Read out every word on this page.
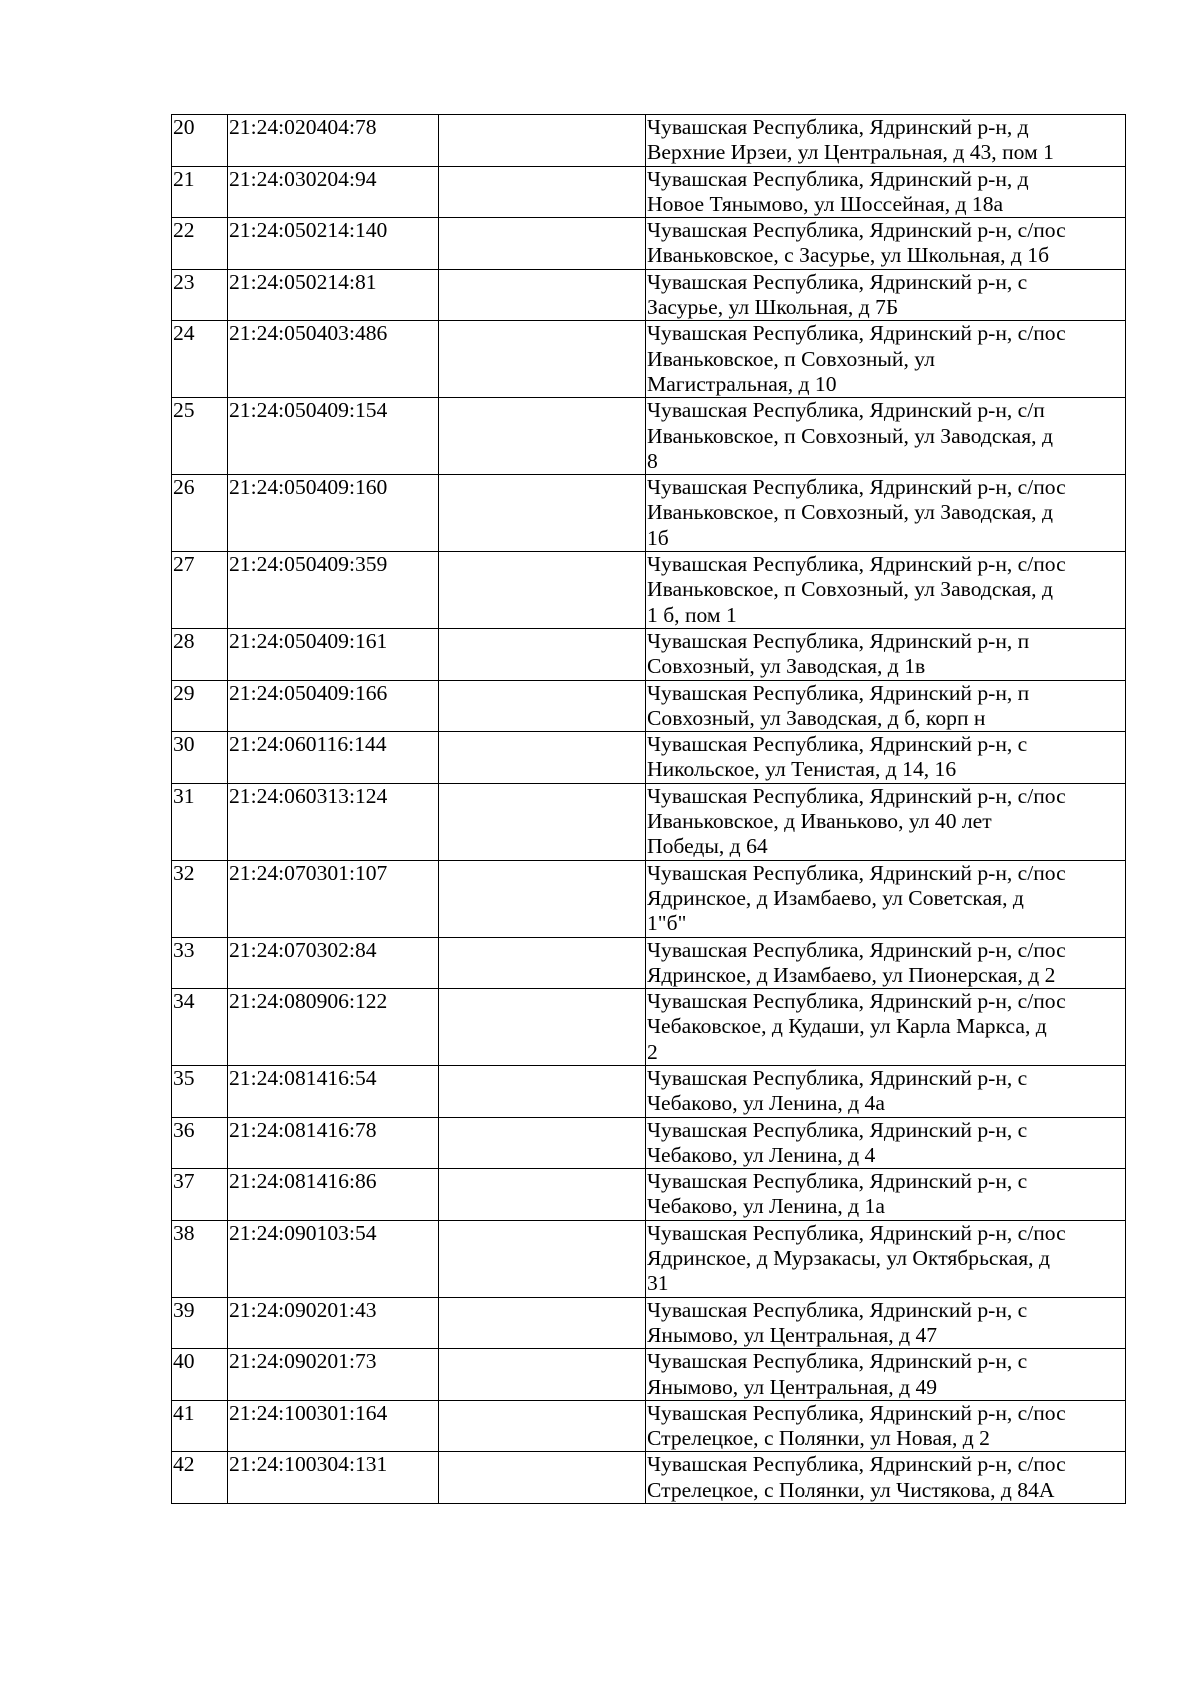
20	21:24:020404:78		Чувашская Республика, Ядринский р-н, д
Верхние Ирзеи, ул Центральная, д 43, пом 1
21	21:24:030204:94		Чувашская Республика, Ядринский р-н, д
Новое Тянымово, ул Шоссейная, д 18а
22	21:24:050214:140		Чувашская Республика, Ядринский р-н, с/пос
Иваньковское, с Засурье, ул Школьная, д 1б
23	21:24:050214:81		Чувашская Республика, Ядринский р-н, с
Засурье, ул Школьная, д 7Б
24	21:24:050403:486		Чувашская Республика, Ядринский р-н, с/пос
Иваньковское, п Совхозный, ул
Магистральная, д 10
25	21:24:050409:154		Чувашская Республика, Ядринский р-н, с/п
Иваньковское, п Совхозный, ул Заводская, д
8
26	21:24:050409:160		Чувашская Республика, Ядринский р-н, с/пос
Иваньковское, п Совхозный, ул Заводская, д
1б
27	21:24:050409:359		Чувашская Республика, Ядринский р-н, с/пос
Иваньковское, п Совхозный, ул Заводская, д
1 б, пом 1
28	21:24:050409:161		Чувашская Республика, Ядринский р-н, п
Совхозный, ул Заводская, д 1в
29	21:24:050409:166		Чувашская Республика, Ядринский р-н, п
Совхозный, ул Заводская, д б, корп н
30	21:24:060116:144		Чувашская Республика, Ядринский р-н, с
Никольское, ул Тенистая, д 14, 16
31	21:24:060313:124		Чувашская Республика, Ядринский р-н, с/пос
Иваньковское, д Иваньково, ул 40 лет
Победы, д 64
32	21:24:070301:107		Чувашская Республика, Ядринский р-н, с/пос
Ядринское, д Изамбаево, ул Советская, д
1"б"
33	21:24:070302:84		Чувашская Республика, Ядринский р-н, с/пос
Ядринское, д Изамбаево, ул Пионерская, д 2
34	21:24:080906:122		Чувашская Республика, Ядринский р-н, с/пос
Чебаковское, д Кудаши, ул Карла Маркса, д
2
35	21:24:081416:54		Чувашская Республика, Ядринский р-н, с
Чебаково, ул Ленина, д 4а
36	21:24:081416:78		Чувашская Республика, Ядринский р-н, с
Чебаково, ул Ленина, д 4
37	21:24:081416:86		Чувашская Республика, Ядринский р-н, с
Чебаково, ул Ленина, д 1а
38	21:24:090103:54		Чувашская Республика, Ядринский р-н, с/пос
Ядринское, д Мурзакасы, ул Октябрьская, д
31
39	21:24:090201:43		Чувашская Республика, Ядринский р-н, с
Янымово, ул Центральная, д 47
40	21:24:090201:73		Чувашская Республика, Ядринский р-н, с
Янымово, ул Центральная, д 49
41	21:24:100301:164		Чувашская Республика, Ядринский р-н, с/пос
Стрелецкое, с Полянки, ул Новая, д 2
42	21:24:100304:131		Чувашская Республика, Ядринский р-н, с/пос
Стрелецкое, с Полянки, ул Чистякова, д 84А
